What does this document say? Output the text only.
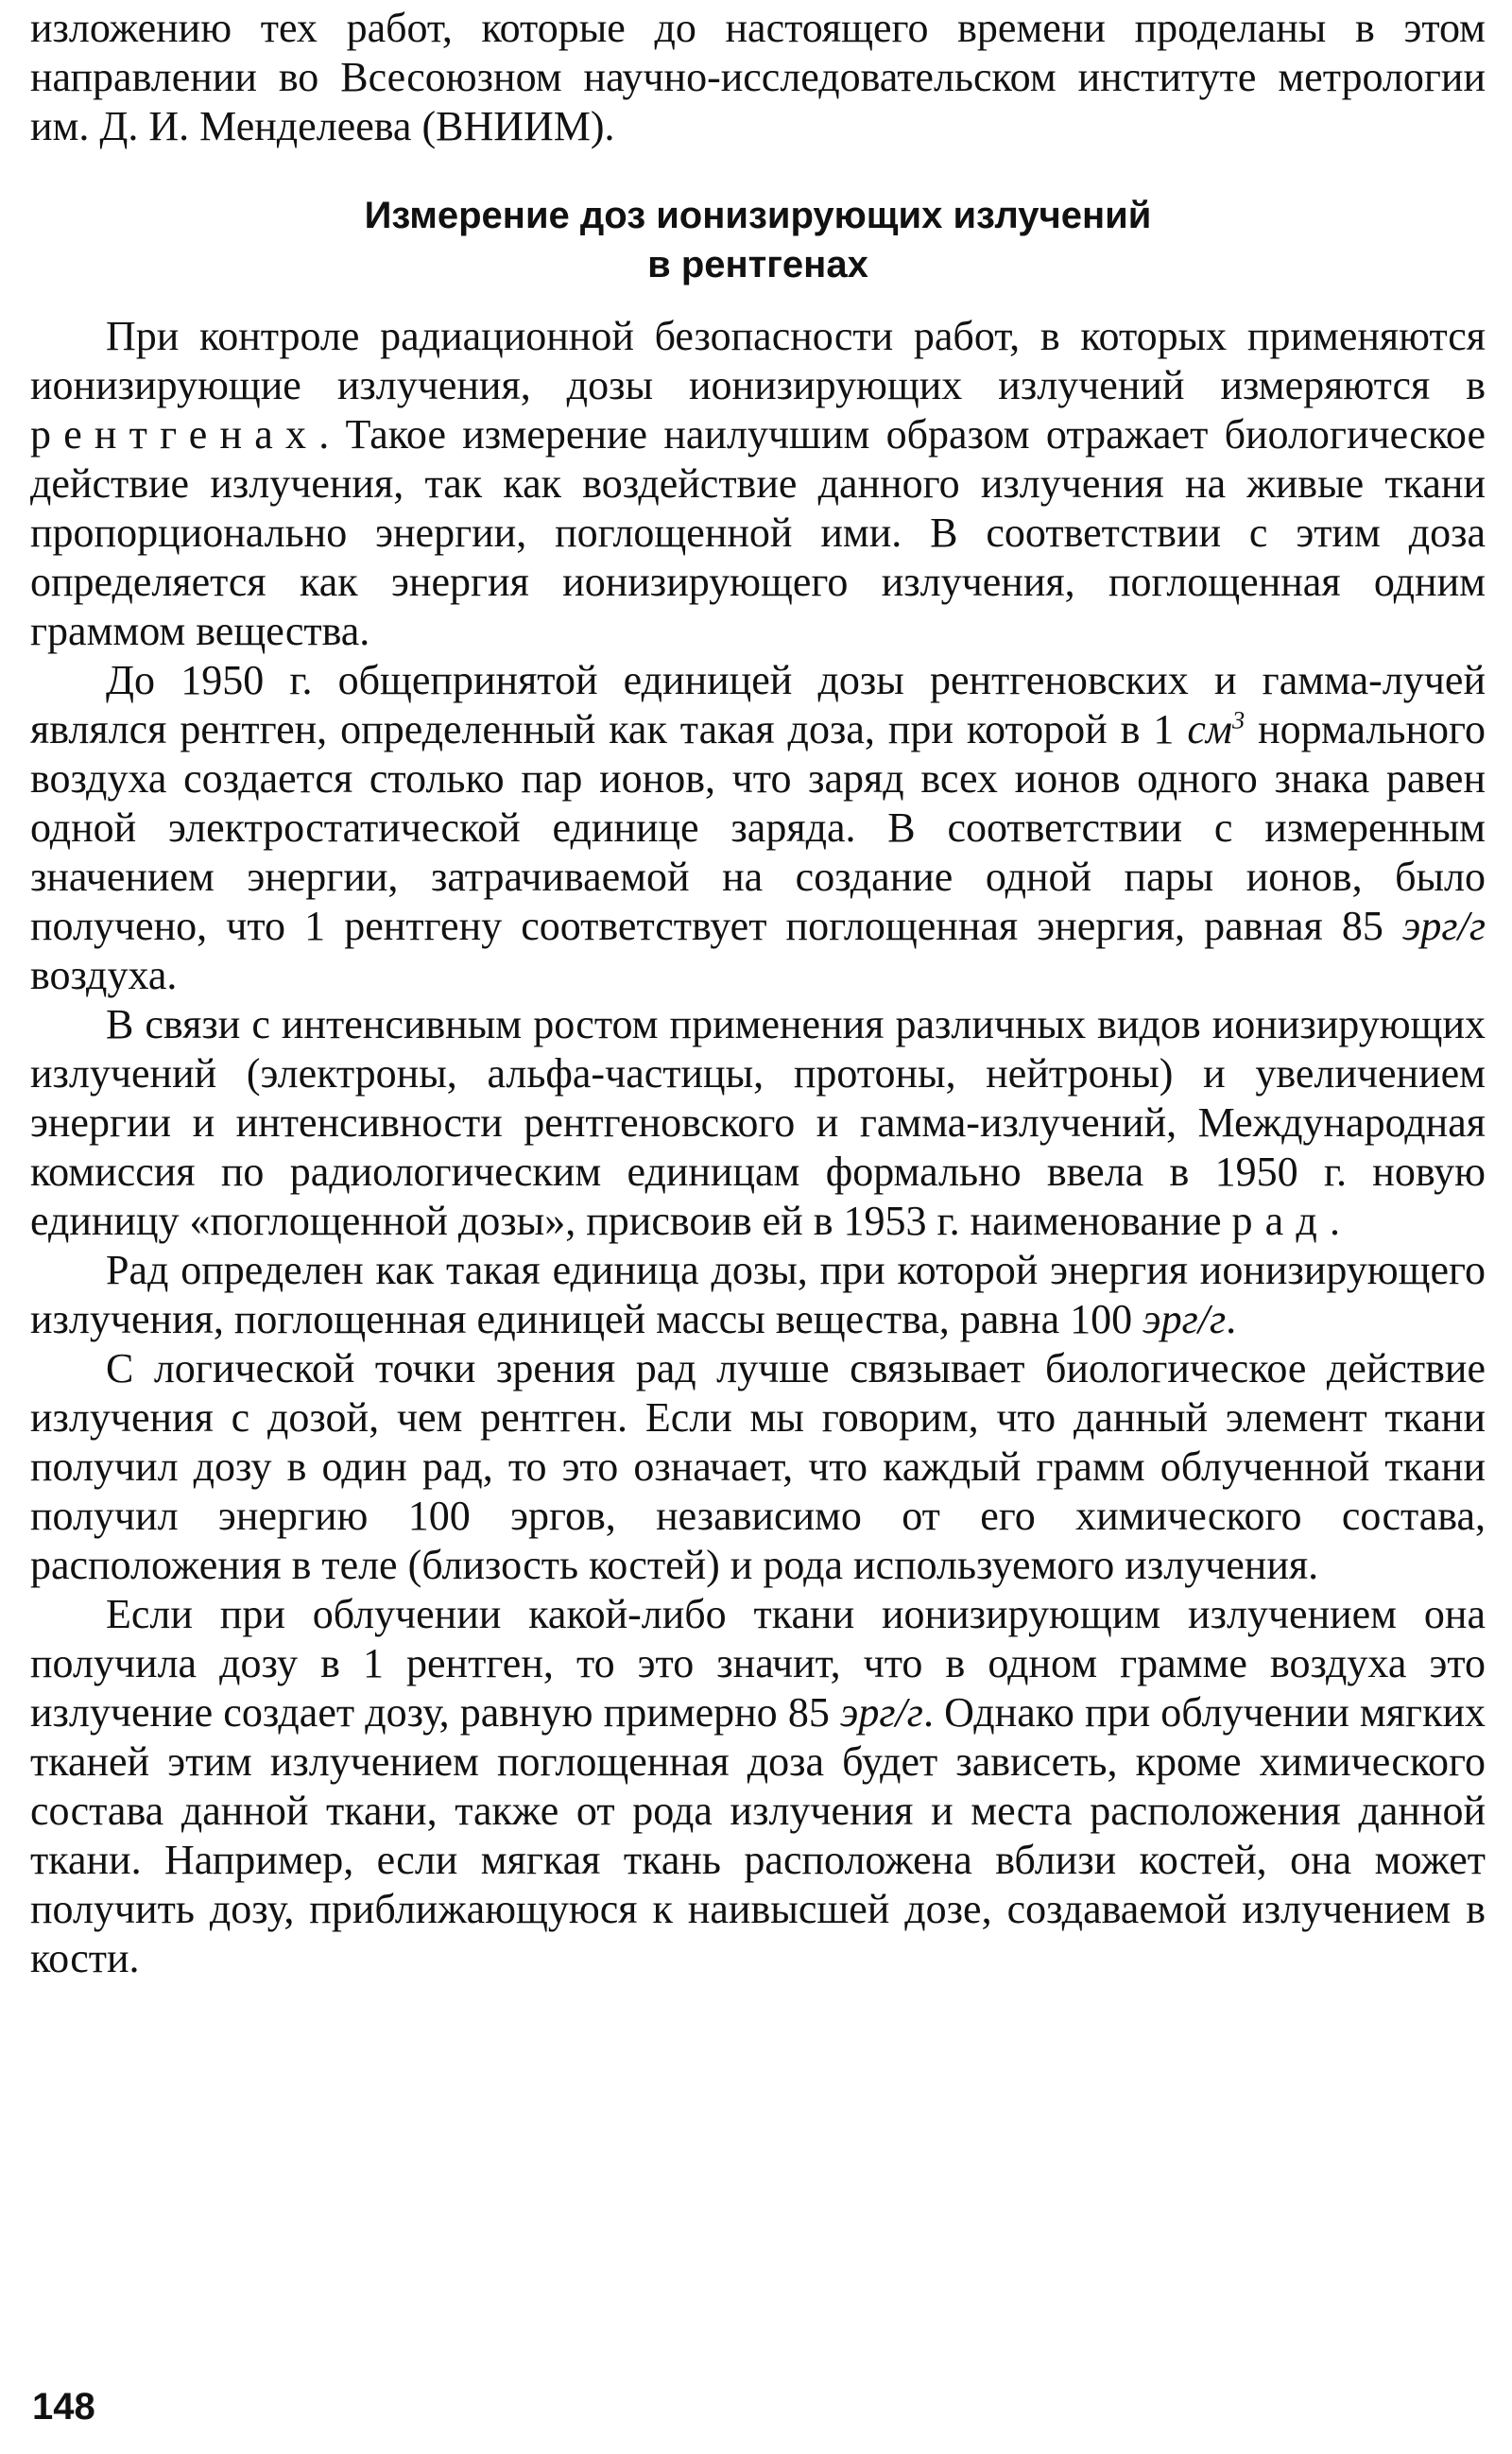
изложению тех работ, которые до настоящего времени проделаны в этом направлении во Всесоюзном научно-исследовательском институте метрологии им. Д. И. Менделеева (ВНИИМ).

Измерение доз ионизирующих излучений
в рентгенах

При контроле радиационной безопасности работ, в которых применяются ионизирующие излучения, дозы ионизирующих излучений измеряются в рентгенах. Такое измерение наилучшим образом отражает биологическое действие излучения, так как воздействие данного излучения на живые ткани пропорционально энергии, поглощенной ими. В соответствии с этим доза определяется как энергия ионизирующего излучения, поглощенная одним граммом вещества.

До 1950 г. общепринятой единицей дозы рентгеновских и гамма-лучей являлся рентген, определенный как такая доза, при которой в 1 $см^3$ нормального воздуха создается столько пар ионов, что заряд всех ионов одного знака равен одной электростатической единице заряда. В соответствии с измеренным значением энергии, затрачиваемой на создание одной пары ионов, было получено, что 1 рентгену соответствует поглощенная энергия, равная 85 эрг/г воздуха.

В связи с интенсивным ростом применения различных видов ионизирующих излучений (электроны, альфа-частицы, протоны, нейтроны) и увеличением энергии и интенсивности рентгеновского и гамма-излучений, Международная комиссия по радиологическим единицам формально ввела в 1950 г. новую единицу «поглощенной дозы», присвоив ей в 1953 г. наименование рад.

Рад определен как такая единица дозы, при которой энергия ионизирующего излучения, поглощенная единицей массы вещества, равна 100 эрг/г.

С логической точки зрения рад лучше связывает биологическое действие излучения с дозой, чем рентген. Если мы говорим, что данный элемент ткани получил дозу в один рад, то это означает, что каждый грамм облученной ткани получил энергию 100 эргов, независимо от его химического состава, расположения в теле (близость костей) и рода используемого излучения.

Если при облучении какой-либо ткани ионизирующим излучением она получила дозу в 1 рентген, то это значит, что в одном грамме воздуха это излучение создает дозу, равную примерно 85 эрг/г. Однако при облучении мягких тканей этим излучением поглощенная доза будет зависеть, кроме химического состава данной ткани, также от рода излучения и места расположения данной ткани. Например, если мягкая ткань расположена вблизи костей, она может получить дозу, приближающуюся к наивысшей дозе, создаваемой излучением в кости.

148
